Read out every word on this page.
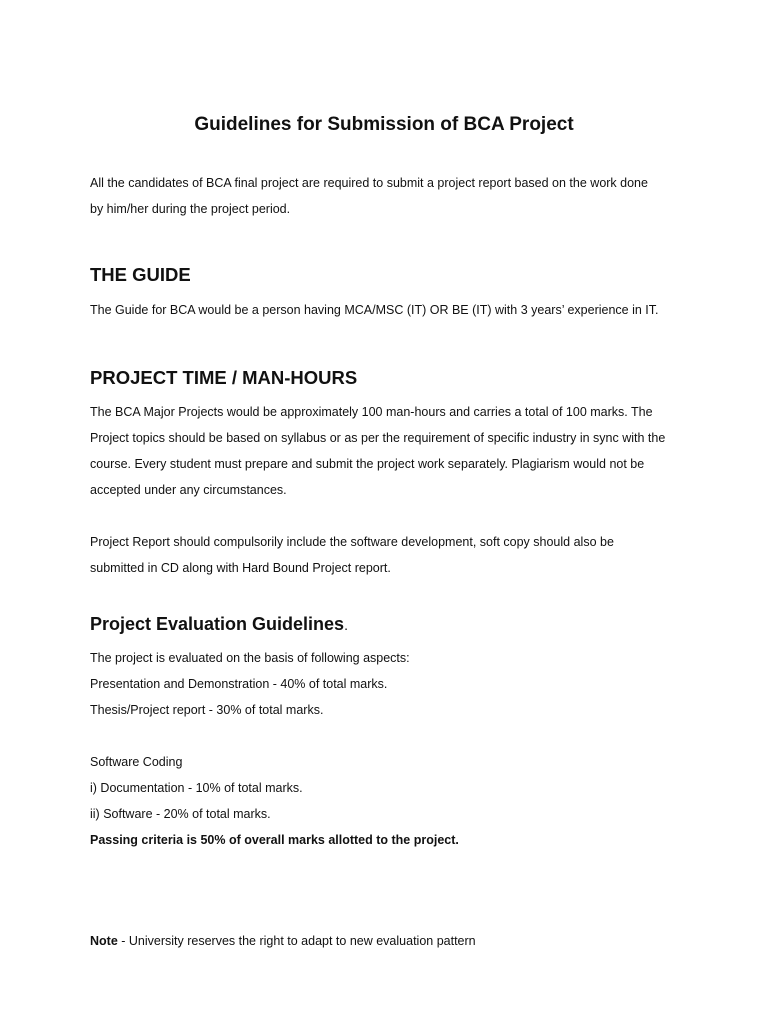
Guidelines for Submission of BCA Project
All the candidates of BCA final project are required to submit a project report based on the work done
by him/her during the project period.
THE GUIDE
The Guide for BCA would be a person having MCA/MSC (IT) OR BE (IT) with 3 years’ experience in IT.
PROJECT TIME / MAN-HOURS
The BCA Major Projects would be approximately 100 man-hours and carries a total of 100 marks. The
Project topics should be based on syllabus or as per the requirement of specific industry in sync with the
course. Every student must prepare and submit the project work separately. Plagiarism would not be
accepted under any circumstances.
Project Report should compulsorily include the software development, soft copy should also be
submitted in CD along with Hard Bound Project report.
Project Evaluation Guidelines.
The project is evaluated on the basis of following aspects:
Presentation and Demonstration - 40% of total marks.
Thesis/Project report - 30% of total marks.
Software Coding
i) Documentation - 10% of total marks.
ii) Software - 20% of total marks.
Passing criteria is 50% of overall marks allotted to the project.
Note - University reserves the right to adapt to new evaluation pattern
